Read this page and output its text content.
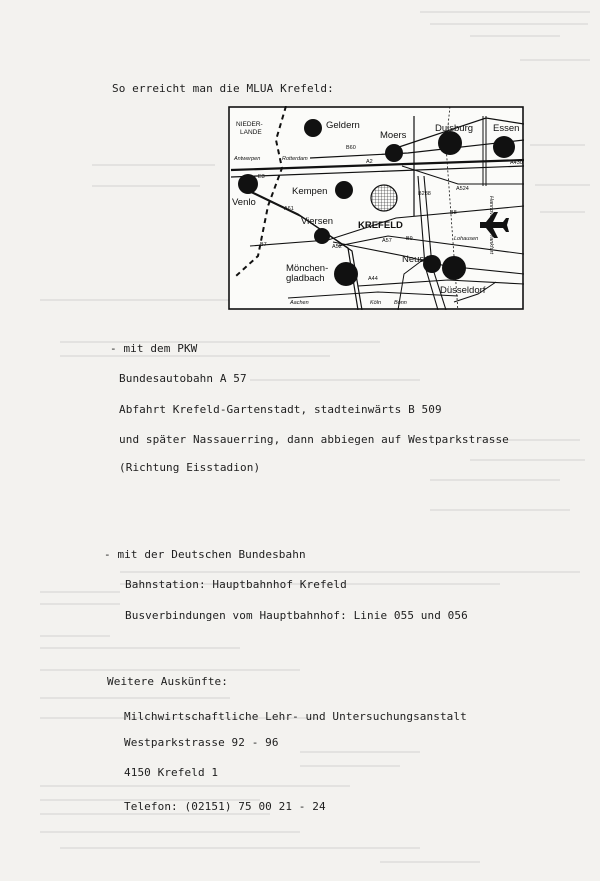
So erreicht man die MLUA Krefeld:
NIEDER-
LANDE
Geldern
Moers
Duisburg Essen
Venlo
Kempen
Viersen
Mönchen-
gladbach
Neuss
Düsseldorf
KREFELD
B60
A2
E3
B288
A524
A430
A61
B7	A52
A44
A57	B9
B8
Antwerpen	Rotterdam
Aachen	Köln Bonn
Lohausen
Hannover
Frankfurt
- mit dem PKW
Bundesautobahn A 57
Abfahrt Krefeld-Gartenstadt, stadteinwärts B 509
und später Nassauerring, dann abbiegen auf Westparkstrasse
(Richtung Eisstadion)
- mit der Deutschen Bundesbahn
Bahnstation: Hauptbahnhof Krefeld
Busverbindungen vom Hauptbahnhof: Linie 055 und 056
Weitere Auskünfte:
Milchwirtschaftliche Lehr- und Untersuchungsanstalt
Westparkstrasse 92 - 96
4150 Krefeld 1
Telefon: (02151) 75 00 21 - 24
